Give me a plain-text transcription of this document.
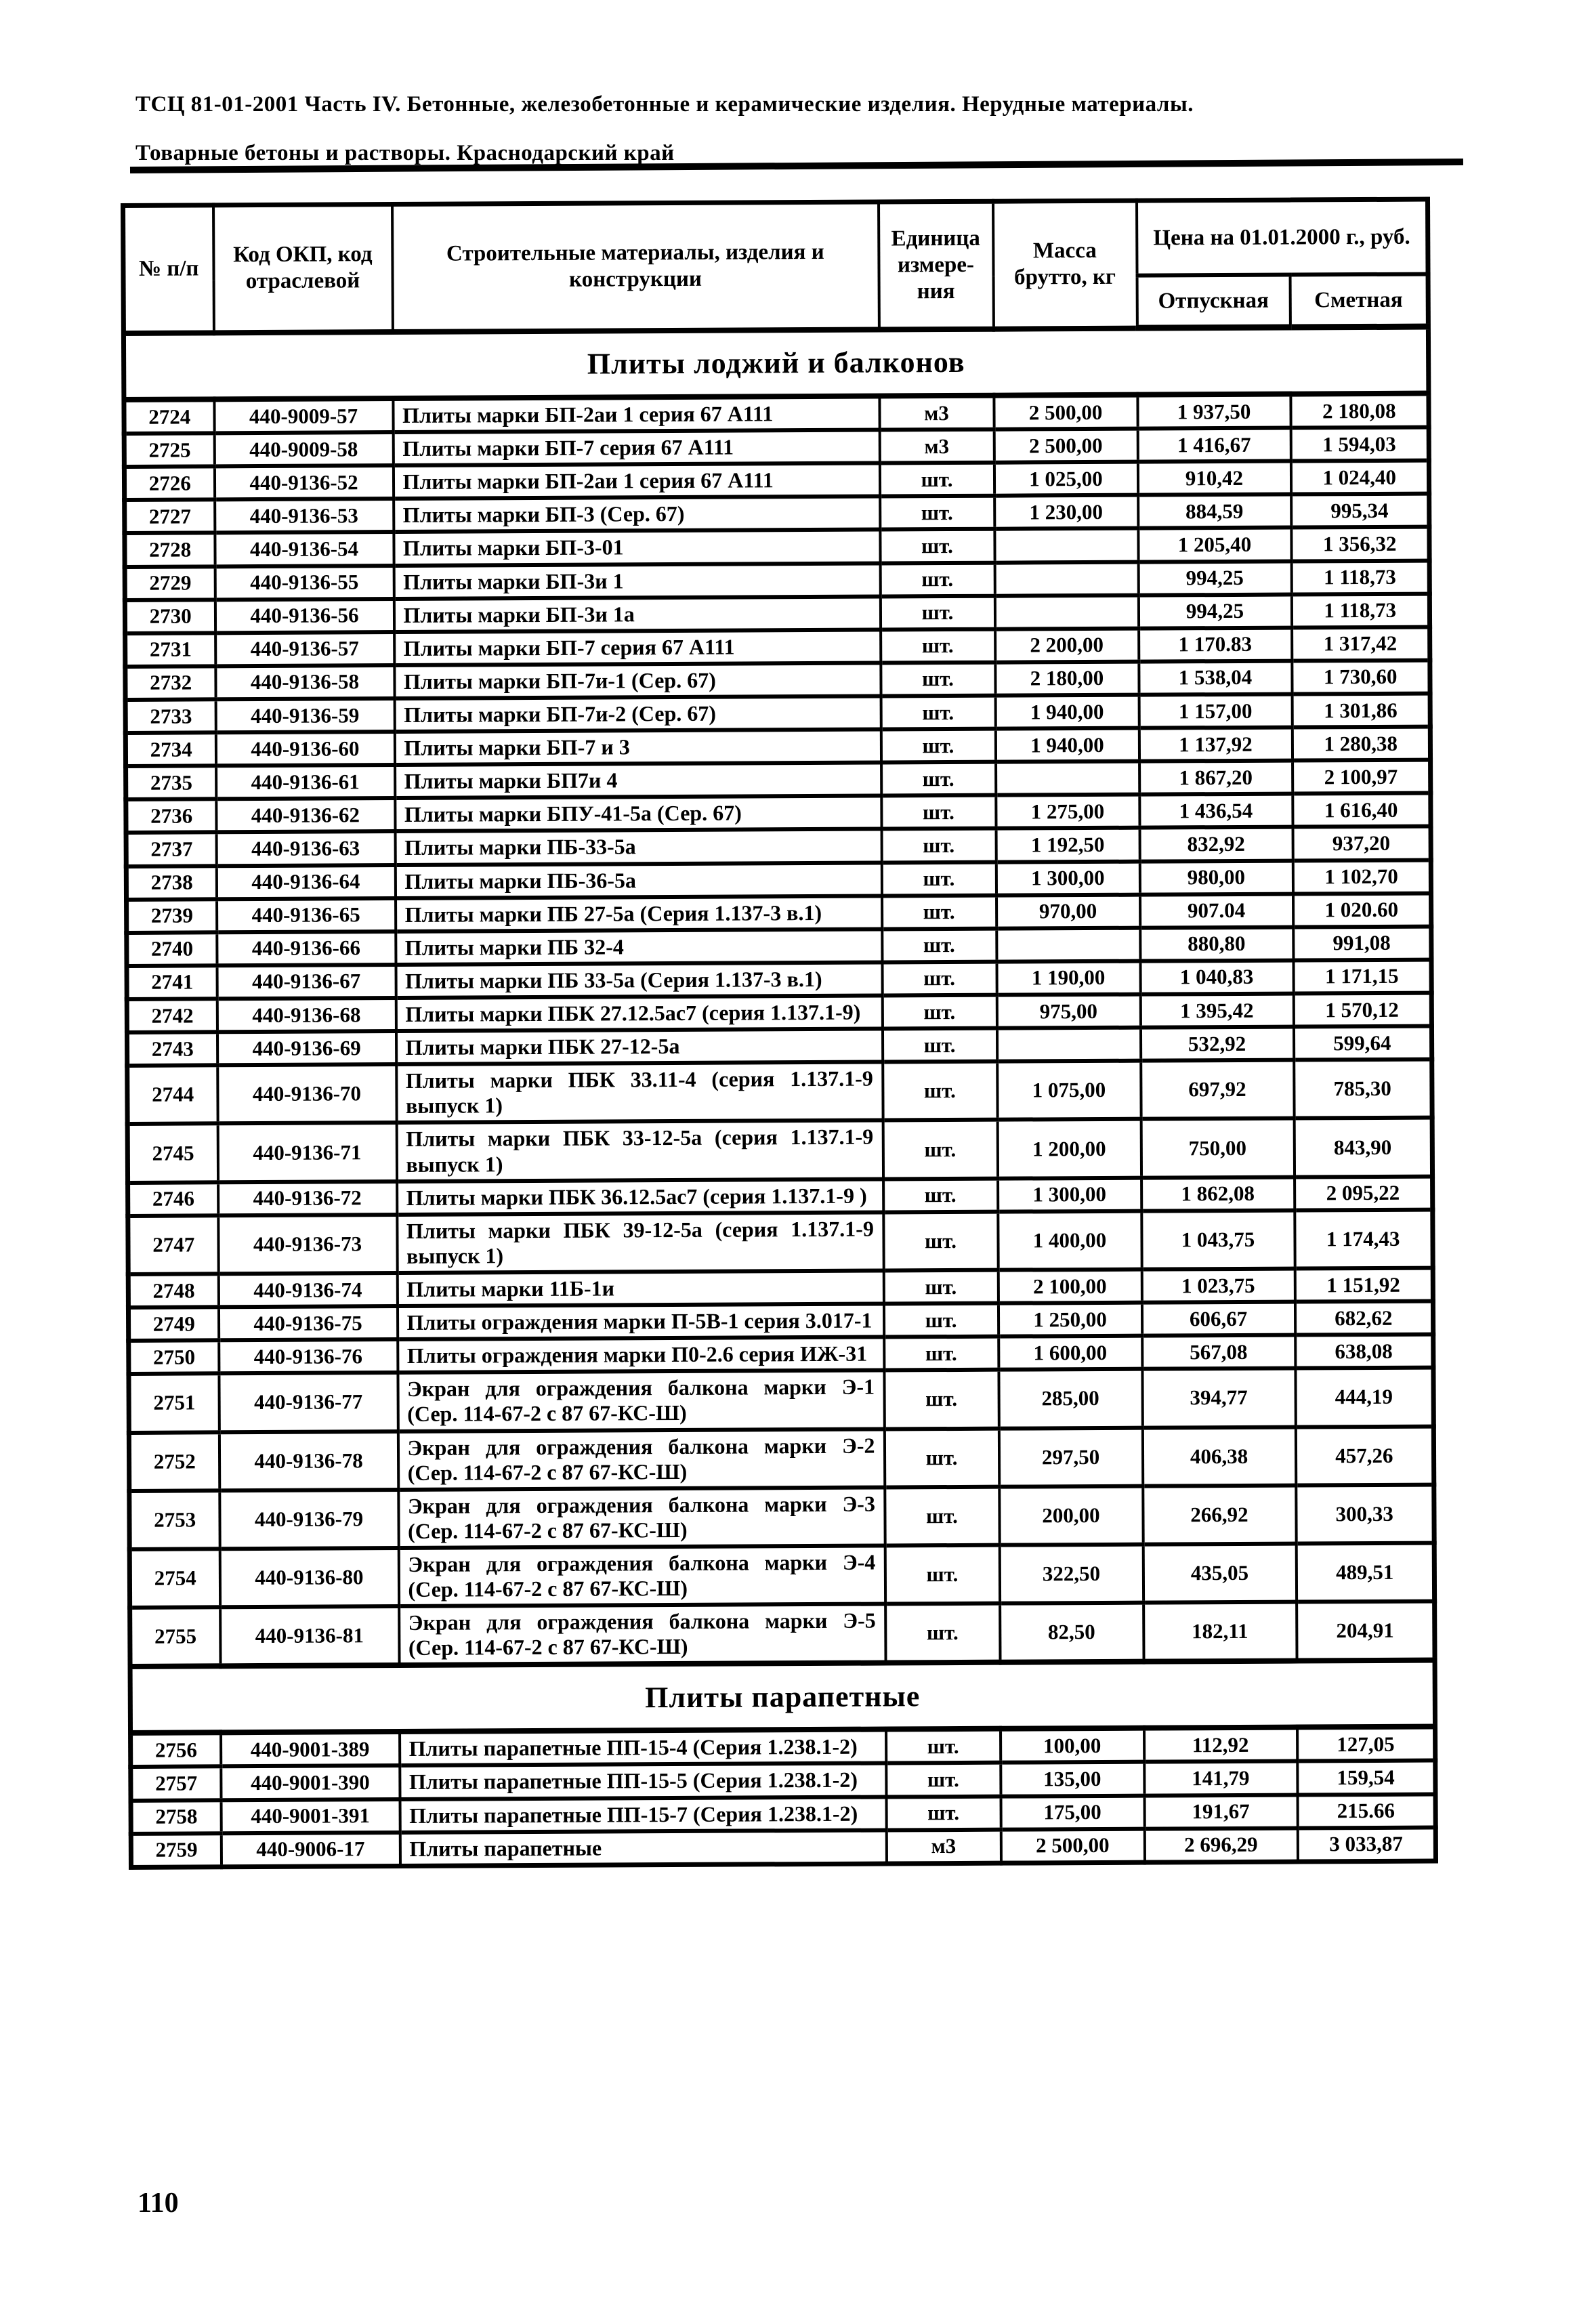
ТСЦ 81-01-2001 Часть IV. Бетонные, железобетонные и керамические изделия. Нерудные материалы.
Товарные бетоны и растворы. Краснодарский край
№ п/п	Код ОКП, код отраслевой	Строительные материалы, изделия и конструкции	Единица
измере-
ния	Масса
брутто, кг	Цена на 01.01.2000 г., руб.	
					Отпускная	Сметная
Плиты лоджий и балконов						
2724	440-9009-57	Плиты марки БП-2аи 1 серия 67 А111	м3	2 500,00	1 937,50	2 180,08
2725	440-9009-58	Плиты марки БП-7 серия 67 А111	м3	2 500,00	1 416,67	1 594,03
2726	440-9136-52	Плиты марки БП-2аи 1 серия 67 А111	шт.	1 025,00	910,42	1 024,40
2727	440-9136-53	Плиты марки БП-3 (Сер. 67)	шт.	1 230,00	884,59	995,34
2728	440-9136-54	Плиты марки БП-3-01	шт.		1 205,40	1 356,32
2729	440-9136-55	Плиты марки БП-3и 1	шт.		994,25	1 118,73
2730	440-9136-56	Плиты марки БП-3и 1а	шт.		994,25	1 118,73
2731	440-9136-57	Плиты марки БП-7 серия 67 А111	шт.	2 200,00	1 170.83	1 317,42
2732	440-9136-58	Плиты марки БП-7и-1 (Сер. 67)	шт.	2 180,00	1 538,04	1 730,60
2733	440-9136-59	Плиты марки БП-7и-2 (Сер. 67)	шт.	1 940,00	1 157,00	1 301,86
2734	440-9136-60	Плиты марки БП-7 и 3	шт.	1 940,00	1 137,92	1 280,38
2735	440-9136-61	Плиты марки БП7и 4	шт.		1 867,20	2 100,97
2736	440-9136-62	Плиты марки БПУ-41-5а (Сер. 67)	шт.	1 275,00	1 436,54	1 616,40
2737	440-9136-63	Плиты марки ПБ-33-5а	шт.	1 192,50	832,92	937,20
2738	440-9136-64	Плиты марки ПБ-36-5а	шт.	1 300,00	980,00	1 102,70
2739	440-9136-65	Плиты марки ПБ 27-5а (Серия 1.137-3 в.1)	шт.	970,00	907.04	1 020.60
2740	440-9136-66	Плиты марки ПБ 32-4	шт.		880,80	991,08
2741	440-9136-67	Плиты марки ПБ 33-5а (Серия 1.137-3 в.1)	шт.	1 190,00	1 040,83	1 171,15
2742	440-9136-68	Плиты марки ПБК 27.12.5ас7 (серия 1.137.1-9)	шт.	975,00	1 395,42	1 570,12
2743	440-9136-69	Плиты марки ПБК 27-12-5а	шт.		532,92	599,64
2744	440-9136-70	Плиты марки ПБК 33.11-4 (серия 1.137.1-9 выпуск 1)	шт.	1 075,00	697,92	785,30
2745	440-9136-71	Плиты марки ПБК 33-12-5а (серия 1.137.1-9 выпуск 1)	шт.	1 200,00	750,00	843,90
2746	440-9136-72	Плиты марки ПБК 36.12.5ас7 (серия 1.137.1-9 )	шт.	1 300,00	1 862,08	2 095,22
2747	440-9136-73	Плиты марки ПБК 39-12-5а (серия 1.137.1-9 выпуск 1)	шт.	1 400,00	1 043,75	1 174,43
2748	440-9136-74	Плиты марки 11Б-1и	шт.	2 100,00	1 023,75	1 151,92
2749	440-9136-75	Плиты ограждения марки П-5В-1 серия 3.017-1	шт.	1 250,00	606,67	682,62
2750	440-9136-76	Плиты ограждения марки П0-2.6 серия ИЖ-31	шт.	1 600,00	567,08	638,08
2751	440-9136-77	Экран для ограждения балкона марки Э-1 (Сер. 114-67-2 с 87 67-КС-Ш)	шт.	285,00	394,77	444,19
2752	440-9136-78	Экран для ограждения балкона марки Э-2 (Сер. 114-67-2 с 87 67-КС-Ш)	шт.	297,50	406,38	457,26
2753	440-9136-79	Экран для ограждения балкона марки Э-3 (Сер. 114-67-2 с 87 67-КС-Ш)	шт.	200,00	266,92	300,33
2754	440-9136-80	Экран для ограждения балкона марки Э-4 (Сер. 114-67-2 с 87 67-КС-Ш)	шт.	322,50	435,05	489,51
2755	440-9136-81	Экран для ограждения балкона марки Э-5 (Сер. 114-67-2 с 87 67-КС-Ш)	шт.	82,50	182,11	204,91
Плиты парапетные						
2756	440-9001-389	Плиты парапетные ПП-15-4 (Серия 1.238.1-2)	шт.	100,00	112,92	127,05
2757	440-9001-390	Плиты парапетные ПП-15-5 (Серия 1.238.1-2)	шт.	135,00	141,79	159,54
2758	440-9001-391	Плиты парапетные ПП-15-7 (Серия 1.238.1-2)	шт.	175,00	191,67	215.66
2759	440-9006-17	Плиты парапетные	м3	2 500,00	2 696,29	3 033,87
110
